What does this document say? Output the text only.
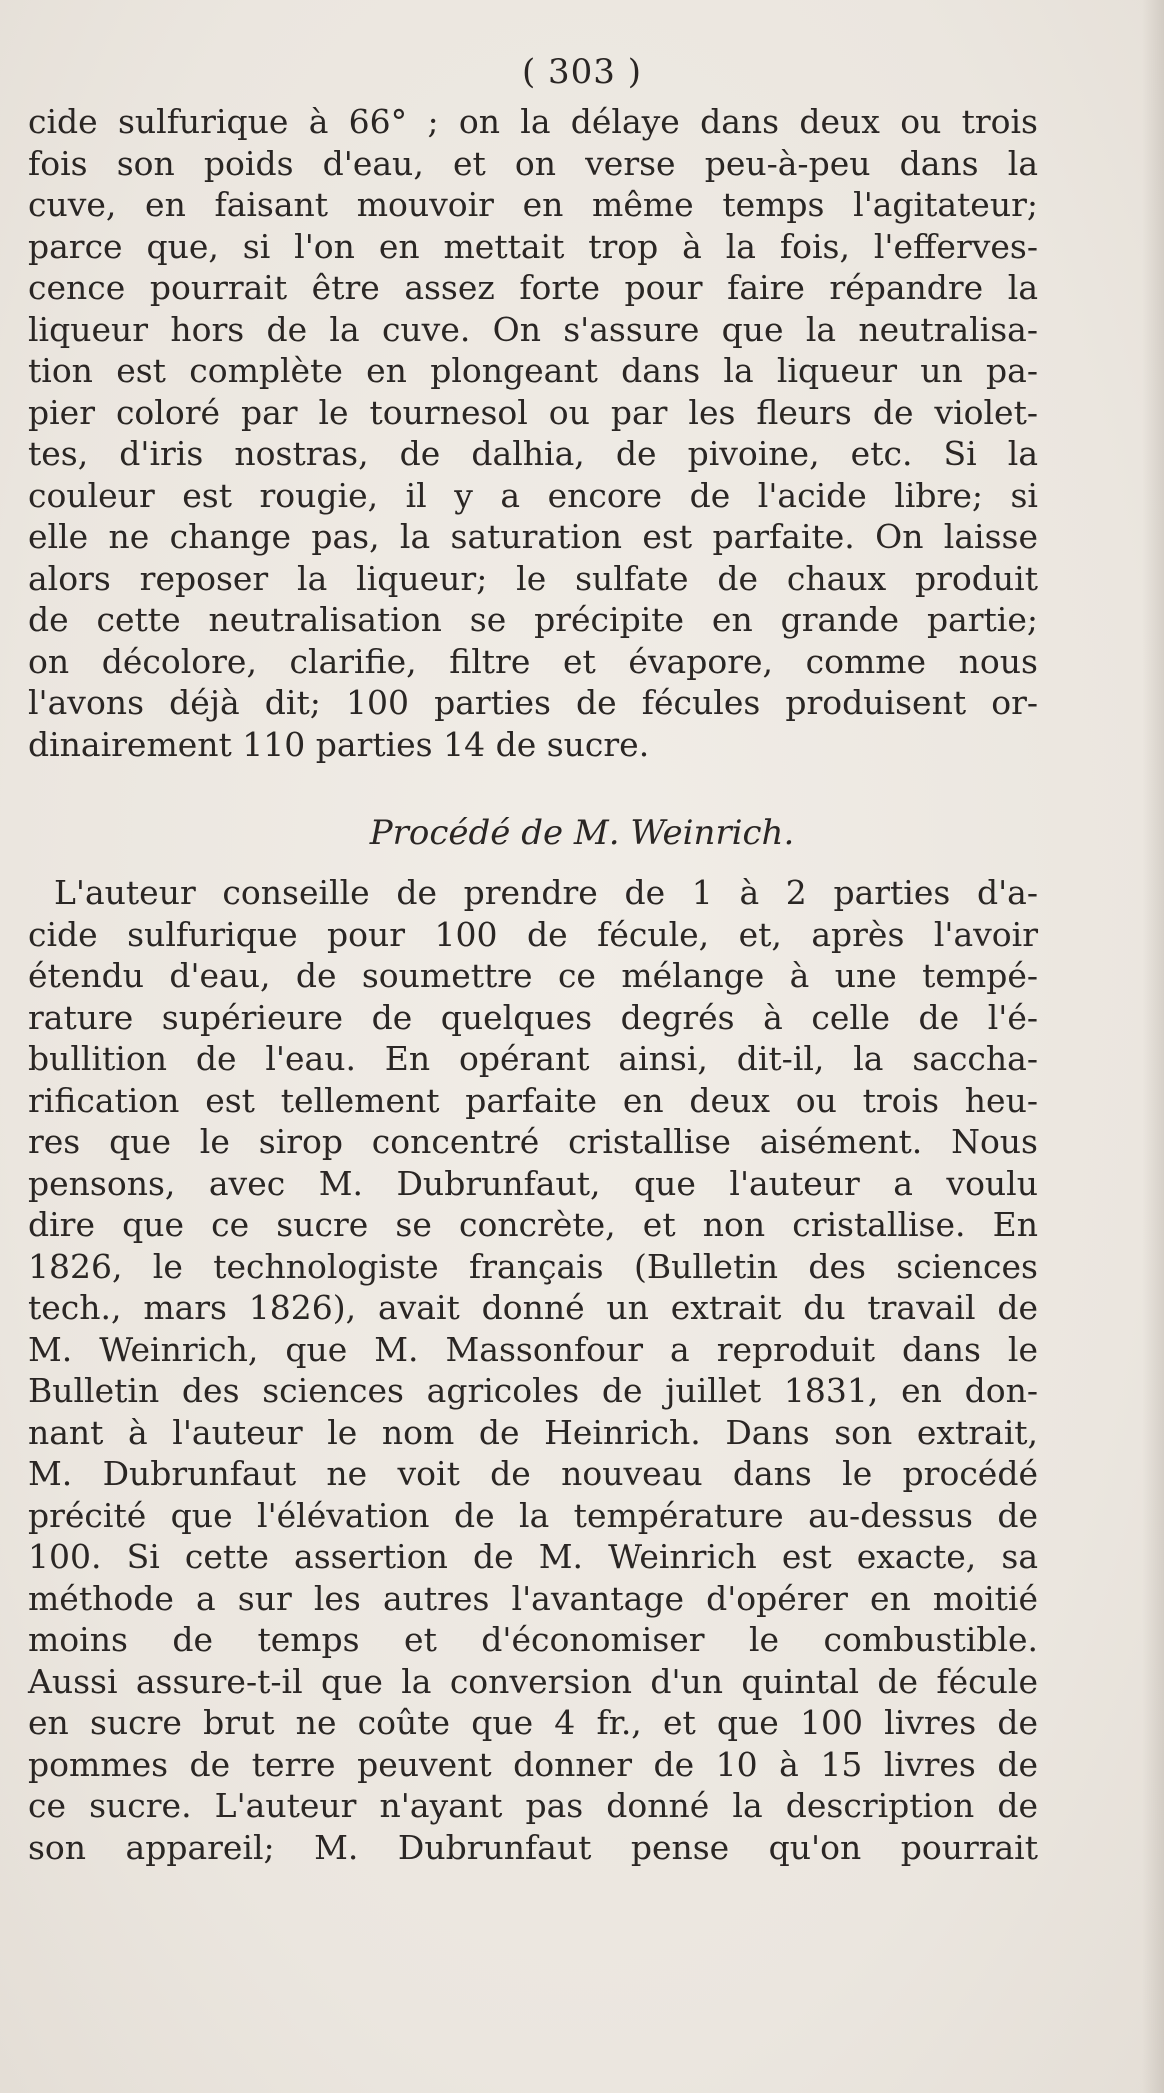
( 303 )
cide sulfurique à 66° ; on la délaye dans deux ou trois
fois son poids d'eau, et on verse peu-à-peu dans la
cuve, en faisant mouvoir en même temps l'agitateur;
parce que, si l'on en mettait trop à la fois, l'efferves-
cence pourrait être assez forte pour faire répandre la
liqueur hors de la cuve. On s'assure que la neutralisa-
tion est complète en plongeant dans la liqueur un pa-
pier coloré par le tournesol ou par les fleurs de violet-
tes, d'iris nostras, de dalhia, de pivoine, etc. Si la
couleur est rougie, il y a encore de l'acide libre; si
elle ne change pas, la saturation est parfaite. On laisse
alors reposer la liqueur; le sulfate de chaux produit
de cette neutralisation se précipite en grande partie;
on décolore, clarifie, filtre et évapore, comme nous
l'avons déjà dit; 100 parties de fécules produisent or-
dinairement 110 parties 14 de sucre.
Procédé de M. Weinrich.
L'auteur conseille de prendre de 1 à 2 parties d'a-
cide sulfurique pour 100 de fécule, et, après l'avoir
étendu d'eau, de soumettre ce mélange à une tempé-
rature supérieure de quelques degrés à celle de l'é-
bullition de l'eau. En opérant ainsi, dit-il, la saccha-
rification est tellement parfaite en deux ou trois heu-
res que le sirop concentré cristallise aisément. Nous
pensons, avec M. Dubrunfaut, que l'auteur a voulu
dire que ce sucre se concrète, et non cristallise. En
1826, le technologiste français (Bulletin des sciences
tech., mars 1826), avait donné un extrait du travail de
M. Weinrich, que M. Massonfour a reproduit dans le
Bulletin des sciences agricoles de juillet 1831, en don-
nant à l'auteur le nom de Heinrich. Dans son extrait,
M. Dubrunfaut ne voit de nouveau dans le procédé
précité que l'élévation de la température au-dessus de
100. Si cette assertion de M. Weinrich est exacte, sa
méthode a sur les autres l'avantage d'opérer en moitié
moins de temps et d'économiser le combustible.
Aussi assure-t-il que la conversion d'un quintal de fécule
en sucre brut ne coûte que 4 fr., et que 100 livres de
pommes de terre peuvent donner de 10 à 15 livres de
ce sucre. L'auteur n'ayant pas donné la description de
son appareil; M. Dubrunfaut pense qu'on pourrait
